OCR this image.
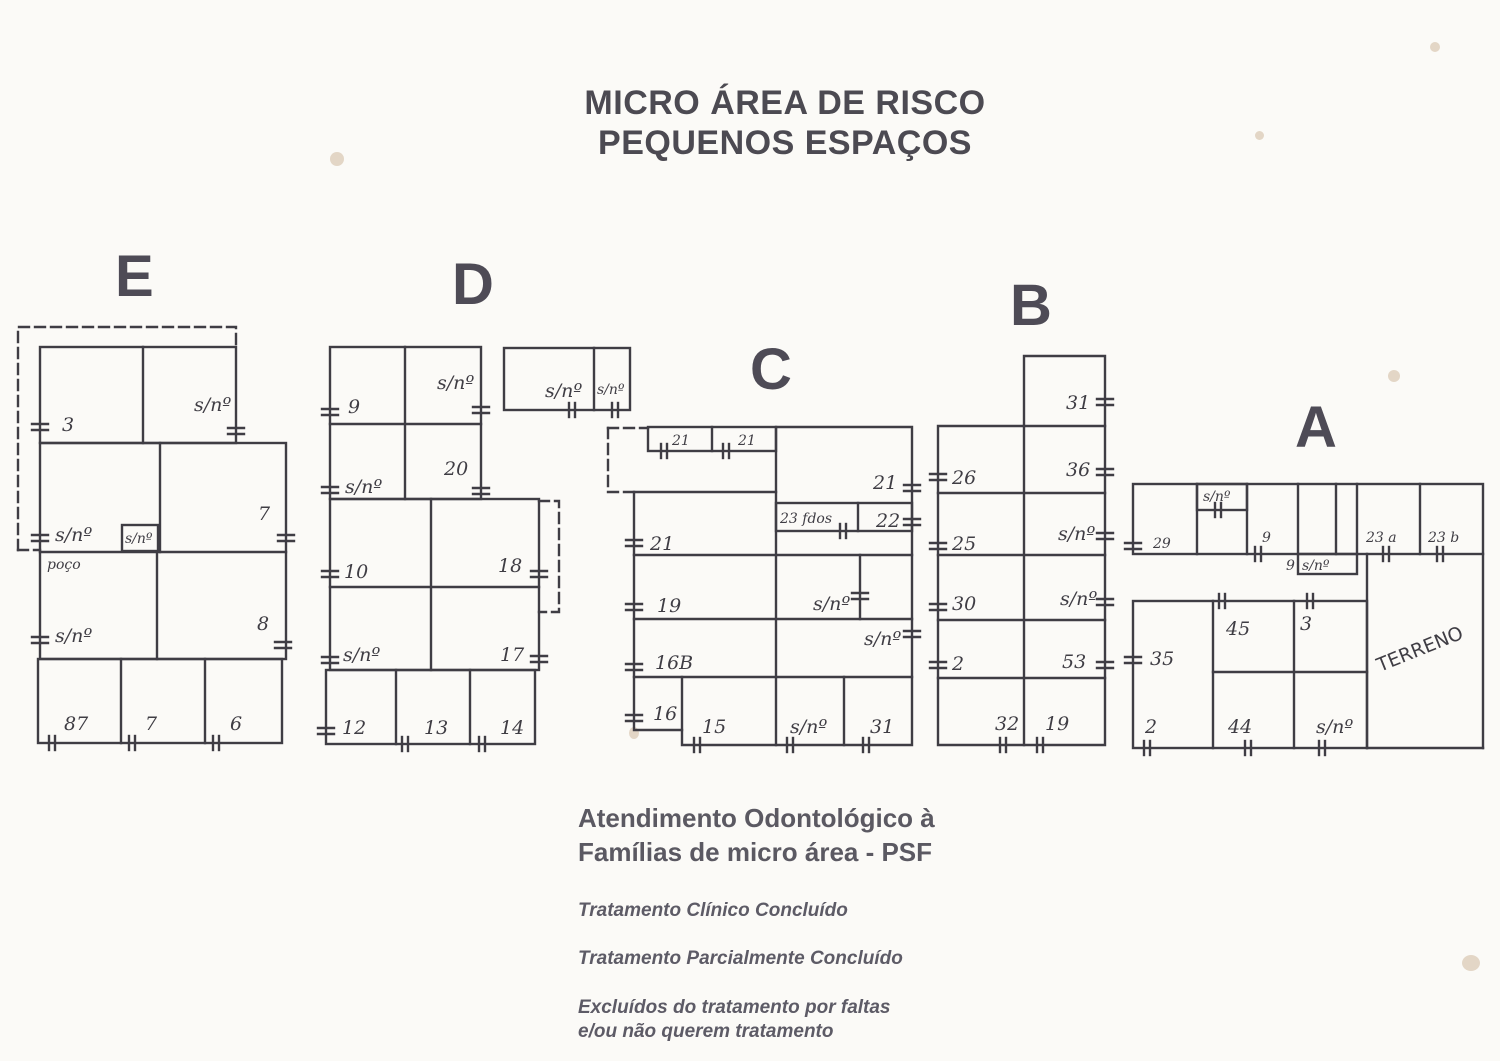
MICRO ÁREA DE RISCO
PEQUENOS ESPAÇOS
E
3
s/nº
s/nº
7
s/nº
poço
s/nº
8
87	7	6
D
9
s/nº
20
s/nº
s/nº s/nº
10	18
s/nº	17
12	13	14
C
21	21
21
23 fdos 22
21
19	s/nº
s/nº
16B
16
15	s/nº 31
B
31
26	36
25	s/nº
30	s/nº
2	53
32 19
A
29
s/nº
9
9 s/nº
23 a 23 b
35
45	3	TERRENO
2	44	s/nº
Atendimento Odontológico à
Famílias de micro área - PSF
Tratamento Clínico Concluído
Tratamento Parcialmente Concluído
Excluídos do tratamento por faltas
e/ou não querem tratamento
